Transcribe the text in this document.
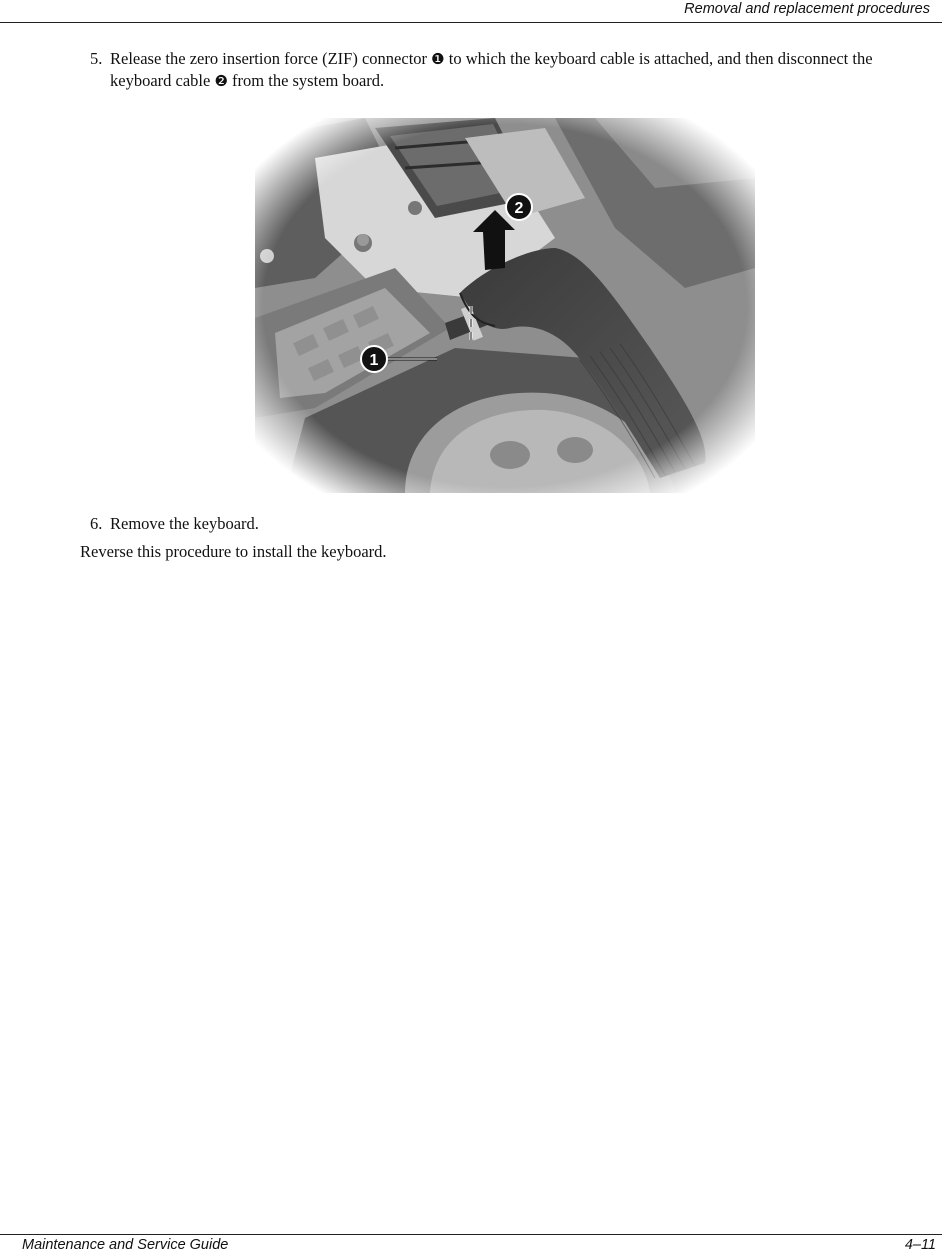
Removal and replacement procedures
5. Release the zero insertion force (ZIF) connector ❶ to which the keyboard cable is attached, and then disconnect the keyboard cable ❷ from the system board.
6. Remove the keyboard.
Reverse this procedure to install the keyboard.
Maintenance and Service Guide	4–11
